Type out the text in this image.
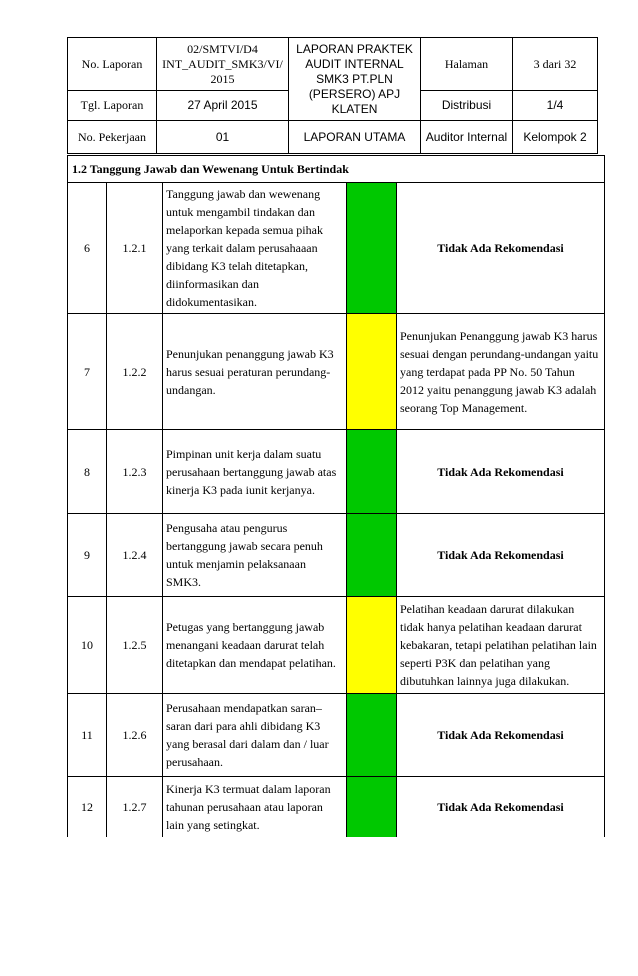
No. Laporan	02/SMTVI/D4 INT_AUDIT_SMK3/VI/ 2015	LAPORAN PRAKTEK AUDIT INTERNAL SMK3 PT.PLN (PERSERO) APJ KLATEN	Halaman	3 dari 32
Tgl. Laporan	27 April 2015		Distribusi	1/4
No. Pekerjaan	01	LAPORAN UTAMA	Auditor Internal	Kelompok 2
1.2 Tanggung Jawab dan Wewenang Untuk Bertindak				
6	1.2.1	Tanggung jawab dan wewenang untuk mengambil tindakan dan melaporkan kepada semua pihak yang terkait dalam perusahaaan dibidang K3 telah ditetapkan, diinformasikan dan didokumentasikan.		Tidak Ada Rekomendasi
7	1.2.2	Penunjukan penanggung jawab K3 harus sesuai peraturan perundang-undangan.		Penunjukan Penanggung jawab K3 harus sesuai dengan perundang-undangan yaitu yang terdapat pada PP No. 50 Tahun 2012 yaitu penanggung jawab K3 adalah seorang Top Management.
8	1.2.3	Pimpinan unit kerja dalam suatu perusahaan bertanggung jawab atas kinerja K3 pada iunit kerjanya.		Tidak Ada Rekomendasi
9	1.2.4	Pengusaha atau pengurus bertanggung jawab secara penuh untuk menjamin pelaksanaan SMK3.		Tidak Ada Rekomendasi
10	1.2.5	Petugas yang bertanggung jawab menangani keadaan darurat telah ditetapkan dan mendapat pelatihan.		Pelatihan keadaan darurat dilakukan tidak hanya pelatihan keadaan darurat kebakaran, tetapi pelatihan pelatihan lain seperti P3K dan pelatihan yang dibutuhkan lainnya juga dilakukan.
11	1.2.6	Perusahaan mendapatkan saran–saran dari para ahli dibidang K3 yang berasal dari dalam dan / luar perusahaan.		Tidak Ada Rekomendasi
12	1.2.7	Kinerja K3 termuat dalam laporan tahunan perusahaan atau laporan lain yang setingkat.		Tidak Ada Rekomendasi
